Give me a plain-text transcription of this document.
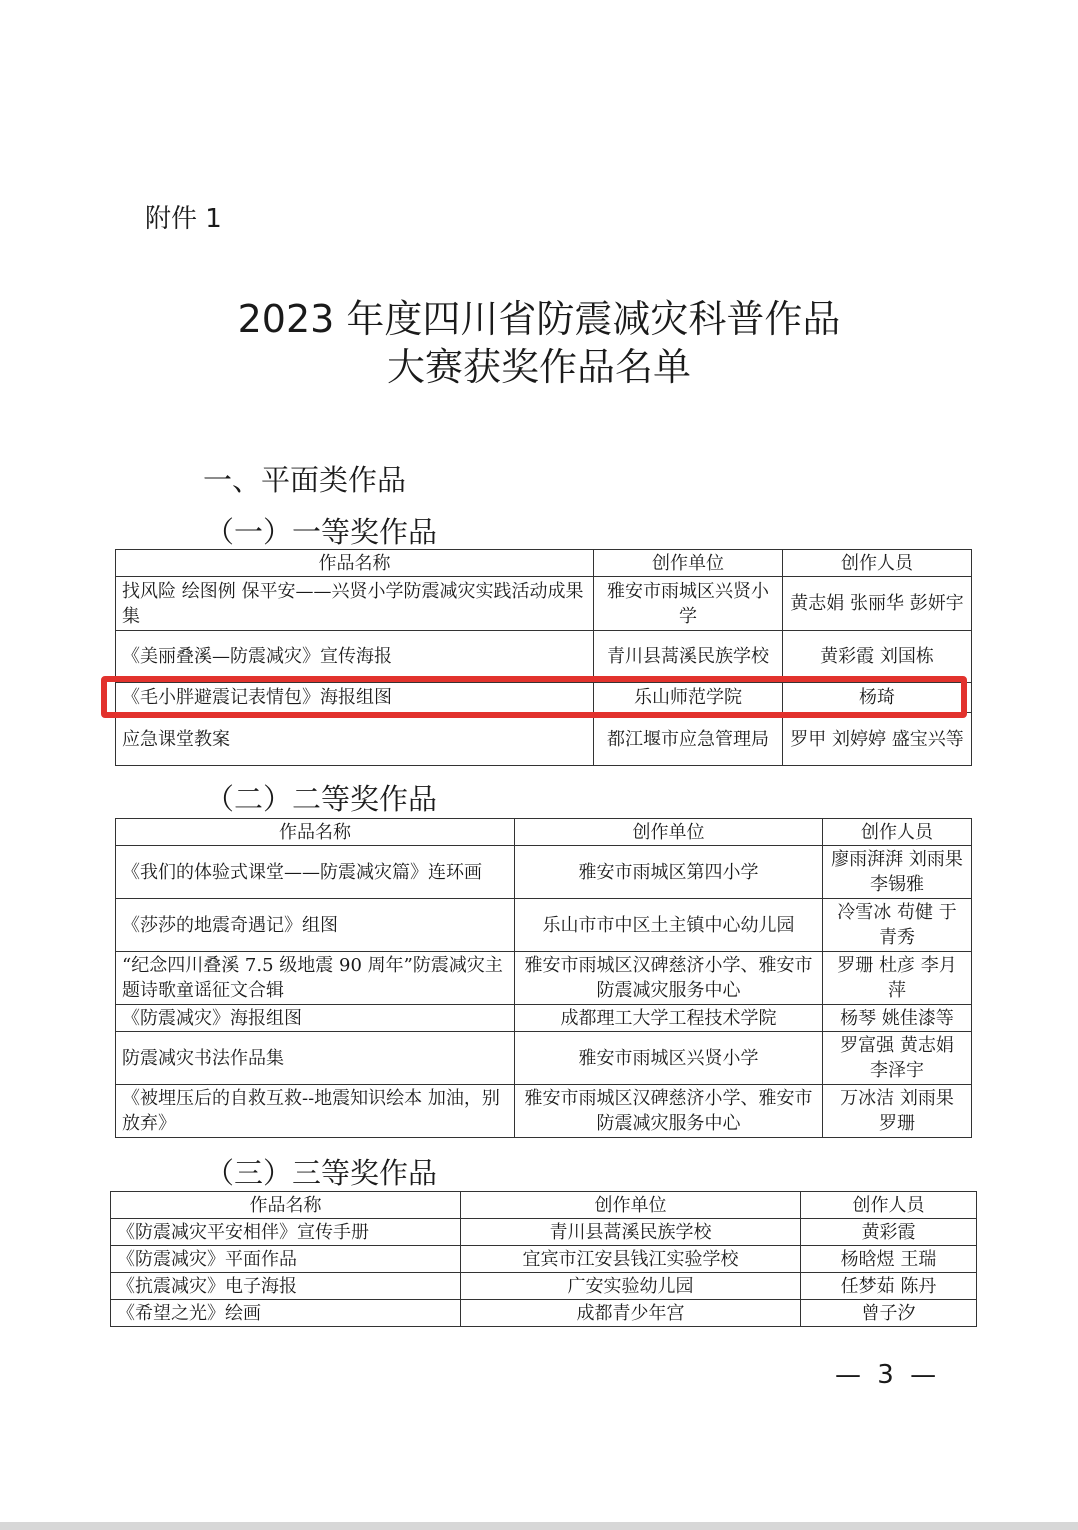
附件 1
2023 年度四川省防震减灾科普作品
大赛获奖作品名单
一、平面类作品
（一）一等奖作品
作品名称	创作单位	创作人员
找风险 绘图例 保平安——兴贤小学防震减灾实践活动成果集	雅安市雨城区兴贤小学	黄志娟 张丽华 彭妍宇
《美丽叠溪—防震减灾》宣传海报	青川县蒿溪民族学校	黄彩霞 刘国栋
《毛小胖避震记表情包》海报组图	乐山师范学院	杨琦
应急课堂教案	都江堰市应急管理局	罗甲 刘婷婷 盛宝兴等
（二）二等奖作品
作品名称	创作单位	创作人员
《我们的体验式课堂——防震减灾篇》连环画	雅安市雨城区第四小学	廖雨湃湃 刘雨果 李锡雅
《莎莎的地震奇遇记》组图	乐山市市中区土主镇中心幼儿园	冷雪冰 苟健 于青秀
“纪念四川叠溪 7.5 级地震 90 周年”防震减灾主题诗歌童谣征文合辑	雅安市雨城区汉碑慈济小学、雅安市防震减灾服务中心	罗珊 杜彦 李月萍
《防震减灾》海报组图	成都理工大学工程技术学院	杨琴 姚佳漆等
防震减灾书法作品集	雅安市雨城区兴贤小学	罗富强 黄志娟 李泽宇
《被埋压后的自救互救--地震知识绘本 加油，别放弃》	雅安市雨城区汉碑慈济小学、雅安市防震减灾服务中心	万冰洁 刘雨果 罗珊
（三）三等奖作品
作品名称	创作单位	创作人员
《防震减灾平安相伴》宣传手册	青川县蒿溪民族学校	黄彩霞
《防震减灾》平面作品	宜宾市江安县钱江实验学校	杨晗煜 王瑞
《抗震减灾》电子海报	广安实验幼儿园	任梦茹 陈丹
《希望之光》绘画	成都青少年宫	曾子汐
— 3 —
